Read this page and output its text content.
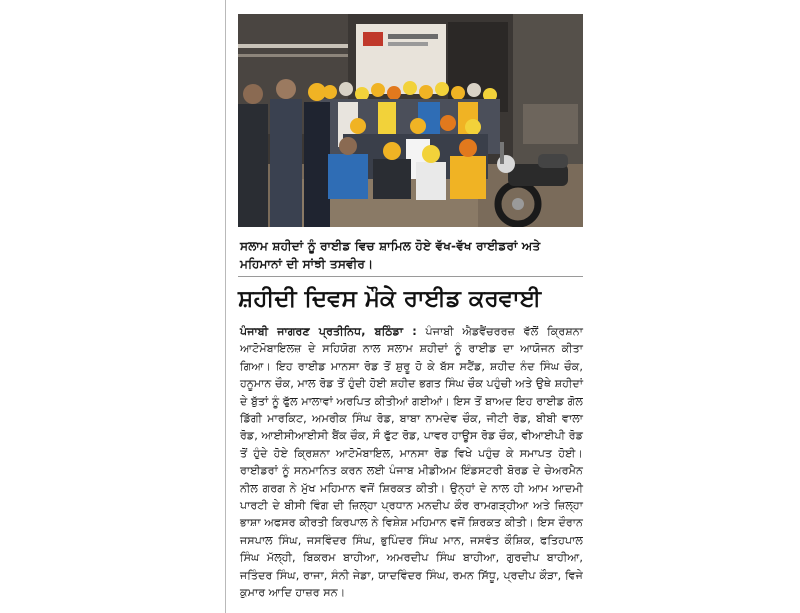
ਸਲਾਮ ਸ਼ਹੀਦਾਂ ਨੂੰ ਰਾਈਡ ਵਿਚ ਸ਼ਾਮਿਲ ਹੋਏ ਵੱਖ-ਵੱਖ ਰਾਈਡਰਾਂ ਅਤੇ ਮਹਿਮਾਨਾਂ ਦੀ ਸਾਂਝੀ ਤਸਵੀਰ।
ਸ਼ਹੀਦੀ ਦਿਵਸ ਮੌਕੇ ਰਾਈਡ ਕਰਵਾਈ
ਪੰਜਾਬੀ ਜਾਗਰਣ ਪ੍ਰਤੀਨਿਧ, ਬਠਿੰਡਾ : ਪੰਜਾਬੀ ਐਡਵੈਂਚਰਰਜ਼ ਵੱਲੋਂ ਕ੍ਰਿਸ਼ਨਾ ਆਟੋਮੋਬਾਇਲਜ਼ ਦੇ ਸਹਿਯੋਗ ਨਾਲ ਸਲਾਮ ਸ਼ਹੀਦਾਂ ਨੂੰ ਰਾਈਡ ਦਾ ਆਯੋਜਨ ਕੀਤਾ ਗਿਆ। ਇਹ ਰਾਈਡ ਮਾਨਸਾ ਰੋਡ ਤੋਂ ਸ਼ੁਰੂ ਹੋ ਕੇ ਬੱਸ ਸਟੈਂਡ, ਸ਼ਹੀਦ ਨੰਦ ਸਿੰਘ ਚੌਕ, ਹਨੂਮਾਨ ਚੌਕ, ਮਾਲ ਰੋਡ ਤੋਂ ਹੁੰਦੀ ਹੋਈ ਸ਼ਹੀਦ ਭਗਤ ਸਿੰਘ ਚੌਕ ਪਹੁੰਚੀ ਅਤੇ ਉਥੇ ਸ਼ਹੀਦਾਂ ਦੇ ਬੁੱਤਾਂ ਨੂੰ ਫੁੱਲ ਮਾਲਾਵਾਂ ਅਰਪਿਤ ਕੀਤੀਆਂ ਗਈਆਂ। ਇਸ ਤੋਂ ਬਾਅਦ ਇਹ ਰਾਈਡ ਗੋਲ ਡਿੱਗੀ ਮਾਰਕਿਟ, ਅਮਰੀਕ ਸਿੰਘ ਰੋਡ, ਬਾਬਾ ਨਾਮਦੇਵ ਚੌਕ, ਜੀਟੀ ਰੋਡ, ਬੀਬੀ ਵਾਲਾ ਰੋਡ, ਆਈਸੀਆਈਸੀ ਬੈਂਕ ਚੌਕ, ਸੌ ਫੁੱਟ ਰੋਡ, ਪਾਵਰ ਹਾਊਸ ਰੋਡ ਚੌਕ, ਵੀਆਈਪੀ ਰੋਡ ਤੋਂ ਹੁੰਦੇ ਹੋਏ ਕ੍ਰਿਸ਼ਨਾ ਆਟੋਮੋਬਾਇਲ, ਮਾਨਸਾ ਰੋਡ ਵਿਖੇ ਪਹੁੰਚ ਕੇ ਸਮਾਪਤ ਹੋਈ। ਰਾਈਡਰਾਂ ਨੂੰ ਸਨਮਾਨਿਤ ਕਰਨ ਲਈ ਪੰਜਾਬ ਮੀਡੀਅਮ ਇੰਡਸਟਰੀ ਬੋਰਡ ਦੇ ਚੇਅਰਮੈਨ ਨੀਲ ਗਰਗ ਨੇ ਮੁੱਖ ਮਹਿਮਾਨ ਵਜੋਂ ਸ਼ਿਰਕਤ ਕੀਤੀ। ਉਨ੍ਹਾਂ ਦੇ ਨਾਲ ਹੀ ਆਮ ਆਦਮੀ ਪਾਰਟੀ ਦੇ ਬੀਸੀ ਵਿੰਗ ਦੀ ਜ਼ਿਲ੍ਹਾ ਪ੍ਰਧਾਨ ਮਨਦੀਪ ਕੌਰ ਰਾਮਗੜ੍ਹੀਆ ਅਤੇ ਜ਼ਿਲ੍ਹਾ ਭਾਸ਼ਾ ਅਫਸਰ ਕੀਰਤੀ ਕਿਰਪਾਲ ਨੇ ਵਿਸ਼ੇਸ਼ ਮਹਿਮਾਨ ਵਜੋਂ ਸ਼ਿਰਕਤ ਕੀਤੀ। ਇਸ ਦੌਰਾਨ ਜਸਪਾਲ ਸਿੰਘ, ਜਸਵਿੰਦਰ ਸਿੰਘ, ਭੁਪਿੰਦਰ ਸਿੰਘ ਮਾਨ, ਜਸਵੰਤ ਕੌਸ਼ਿਕ, ਫਤਿਹਪਾਲ ਸਿੰਘ ਮੱਲ੍ਹੀ, ਬਿਕਰਮ ਬਾਹੀਆ, ਅਮਰਦੀਪ ਸਿੰਘ ਬਾਹੀਆ, ਗੁਰਦੀਪ ਬਾਹੀਆ, ਜਤਿੰਦਰ ਸਿੰਘ, ਰਾਜਾ, ਸੰਨੀ ਜੇਡਾ, ਯਾਦਵਿੰਦਰ ਸਿੰਘ, ਰਮਨ ਸਿੱਧੂ, ਪ੍ਰਦੀਪ ਕੌੜਾ, ਵਿਜੇ ਕੁਮਾਰ ਆਦਿ ਹਾਜ਼ਰ ਸਨ।
